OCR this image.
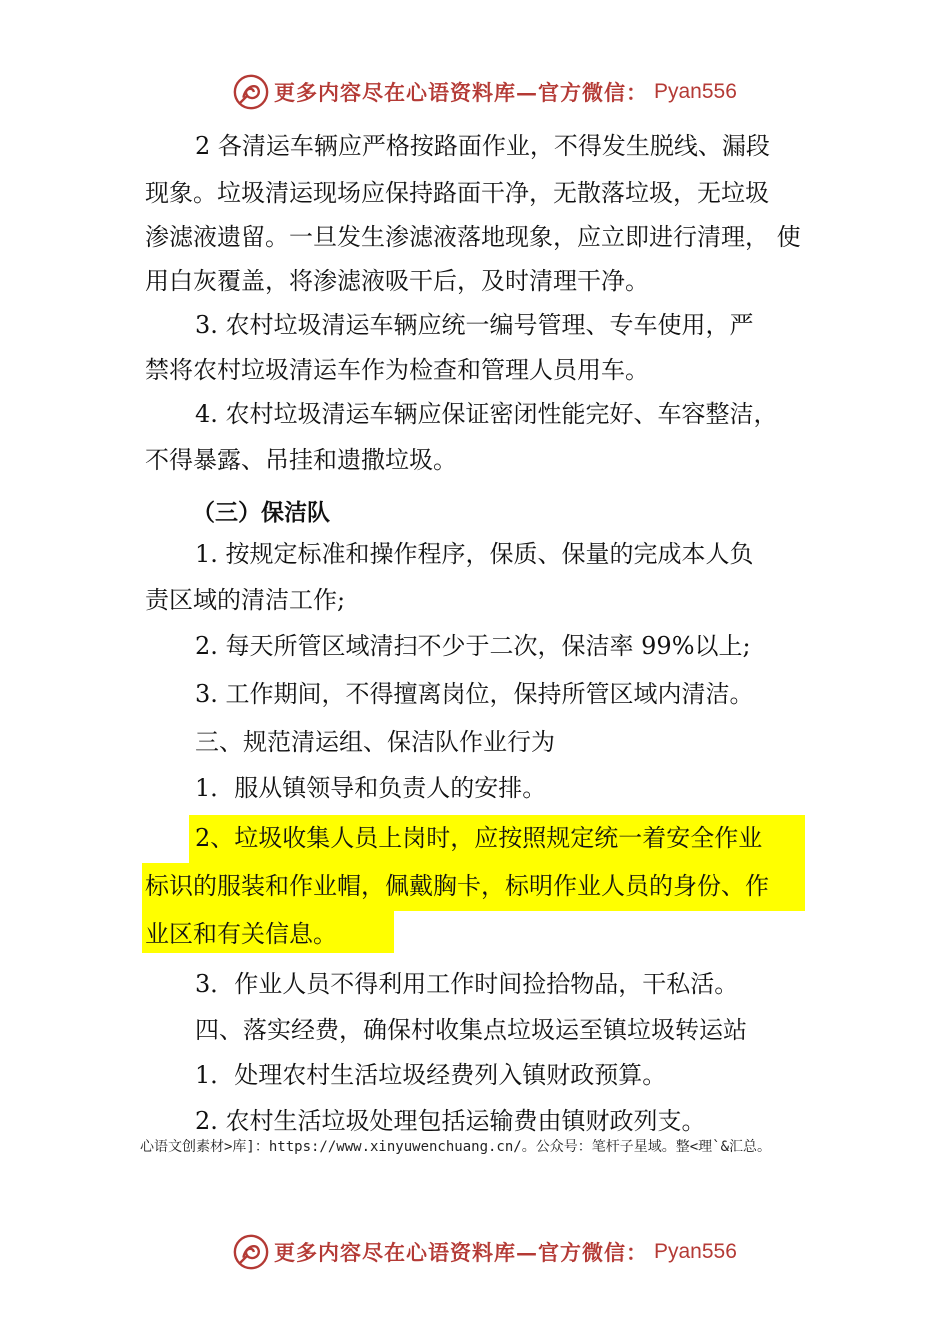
更多内容尽在心语资料库—官方微信： Pyan556
2 各清运车辆应严格按路面作业，不得发生脱线、漏段
现象。垃圾清运现场应保持路面干净，无散落垃圾，无垃圾
渗滤液遗留。一旦发生渗滤液落地现象，应立即进行清理， 使
用白灰覆盖，将渗滤液吸干后，及时清理干净。
3. 农村垃圾清运车辆应统一编号管理、专车使用，严
禁将农村垃圾清运车作为检查和管理人员用车。
4. 农村垃圾清运车辆应保证密闭性能完好、车容整洁，
不得暴露、吊挂和遗撒垃圾。
（三）保洁队
1. 按规定标准和操作程序，保质、保量的完成本人负
责区域的清洁工作;
2. 每天所管区域清扫不少于二次，保洁率 99%以上;
3. 工作期间，不得擅离岗位，保持所管区域内清洁。
三、规范清运组、保洁队作业行为
1．服从镇领导和负责人的安排。
2、垃圾收集人员上岗时，应按照规定统一着安全作业
标识的服装和作业帽，佩戴胸卡，标明作业人员的身份、作
业区和有关信息。
3．作业人员不得利用工作时间捡拾物品，干私活。
四、落实经费，确保村收集点垃圾运至镇垃圾转运站
1．处理农村生活垃圾经费列入镇财政预算。
2. 农村生活垃圾处理包括运输费由镇财政列支。
心语文创素材>库]：https://www.xinyuwenchuang.cn/。公众号：笔杆子星域。整<理`&汇总。
更多内容尽在心语资料库—官方微信： Pyan556
